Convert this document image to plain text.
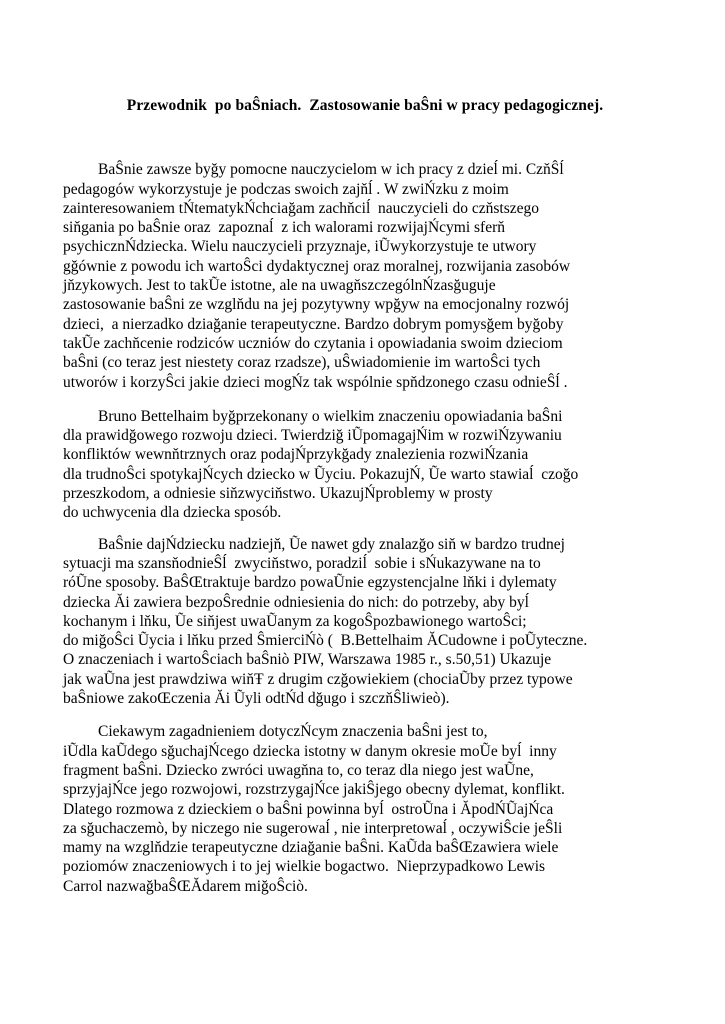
Przewodnik  po baŜniach.  Zastosowanie baŜni w pracy pedagogicznej.
BaŜnie zawsze byğy pomocne nauczycielom w ich pracy z dzieĺ mi. CzňŜĺ
pedagogów wykorzystuje je podczas swoich zajňĺ . W zwiŃzku z moim
zainteresowaniem tŃtematykŃchciağam zachňciĺ  nauczycieli do czňstszego
siňgania po baŜnie oraz  zapoznaĺ  z ich walorami rozwijajŃcymi sferň
psychicznŃdziecka. Wielu nauczycieli przyznaje, iŨwykorzystuje te utwory
gğównie z powodu ich wartoŜci dydaktycznej oraz moralnej, rozwijania zasobów
jňzykowych. Jest to takŨe istotne, ale na uwagňszczególnŃzasğuguje
zastosowanie baŜni ze wzglňdu na jej pozytywny wpğyw na emocjonalny rozwój
dzieci,  a nierzadko dziağanie terapeutyczne. Bardzo dobrym pomysğem byğoby
takŨe zachňcenie rodziców uczniów do czytania i opowiadania swoim dzieciom
baŜni (co teraz jest niestety coraz rzadsze), uŜwiadomienie im wartoŜci tych
utworów i korzyŜci jakie dzieci mogŃz tak wspólnie spňdzonego czasu odnieŜĺ .
Bruno Bettelhaim byğprzekonany o wielkim znaczeniu opowiadania baŜni
dla prawidğowego rozwoju dzieci. Twierdziğ iŨpomagajŃim w rozwiŃzywaniu
konfliktów wewnňtrznych oraz podajŃprzykğady znalezienia rozwiŃzania
dla trudnoŜci spotykajŃcych dziecko w Ũyciu. PokazujŃ, Ũe warto stawiaĺ  czoğo
przeszkodom, a odniesie siňzwyciňstwo. UkazujŃproblemy w prosty
do uchwycenia dla dziecka sposób.
BaŜnie dajŃdziecku nadziejň, Ũe nawet gdy znalazğo siň w bardzo trudnej
sytuacji ma szansňodnieŜĺ  zwyciňstwo, poradziĺ  sobie i sŃukazywane na to
róŨne sposoby. BaŜŒtraktuje bardzo powaŨnie egzystencjalne lňki i dylematy
dziecka Ăi zawiera bezpoŜrednie odniesienia do nich: do potrzeby, aby byĺ
kochanym i lňku, Ũe siňjest uwaŨanym za kogoŜpozbawionego wartoŜci;
do miğoŜci Ũycia i lňku przed ŜmierciŃò (  B.Bettelhaim ĂCudowne i poŨyteczne.
O znaczeniach i wartoŜciach baŜniò PIW, Warszawa 1985 r., s.50,51) Ukazuje
jak waŨna jest prawdziwa wiňŦ z drugim czğowiekiem (chociaŨby przez typowe
baŜniowe zakoŒczenia Ăi Ũyli odtŃd dğugo i szczňŜliwieò).
Ciekawym zagadnieniem dotyczŃcym znaczenia baŜni jest to,
iŨdla kaŨdego sğuchajŃcego dziecka istotny w danym okresie moŨe byĺ  inny
fragment baŜni. Dziecko zwróci uwagňna to, co teraz dla niego jest waŨne,
sprzyjajŃce jego rozwojowi, rozstrzygajŃce jakiŜjego obecny dylemat, konflikt.
Dlatego rozmowa z dzieckiem o baŜni powinna byĺ  ostroŨna i ĂpodŃŨajŃca
za sğuchaczemò, by niczego nie sugerowaĺ , nie interpretowaĺ , oczywiŜcie jeŜli
mamy na wzglňdzie terapeutyczne dziağanie baŜni. KaŨda baŜŒzawiera wiele
poziomów znaczeniowych i to jej wielkie bogactwo.  Nieprzypadkowo Lewis
Carrol nazwağbaŜŒĂdarem miğoŜciò.
